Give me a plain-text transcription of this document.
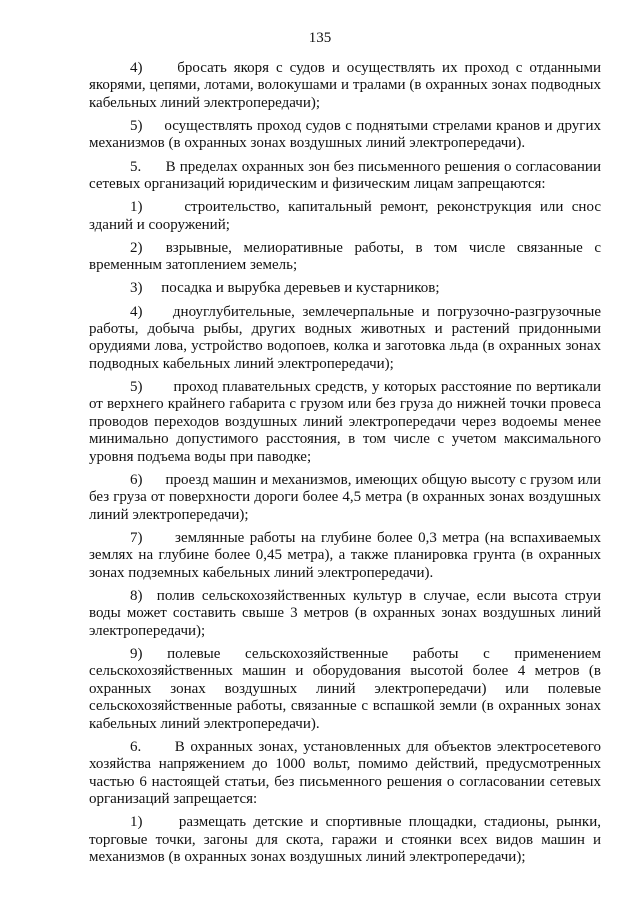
135

4)     бросать якоря с судов и осуществлять их проход с отданными якорями, цепями, лотами, волокушами и тралами (в охранных зонах подводных кабельных линий электропередачи);

5)     осуществлять проход судов с поднятыми стрелами кранов и других механизмов (в охранных зонах воздушных линий электропередачи).

5.      В пределах охранных зон без письменного решения о согласовании сетевых организаций юридическим и физическим лицам запрещаются:

1)     строительство, капитальный ремонт, реконструкция или снос зданий и сооружений;

2)  взрывные, мелиоративные работы, в том числе связанные с временным затоплением земель;

3)     посадка и вырубка деревьев и кустарников;

4)    дноуглубительные, землечерпальные и погрузочно-разгрузочные работы, добыча рыбы, других водных животных и растений придонными орудиями лова, устройство водопоев, колка и заготовка льда (в охранных зонах подводных кабельных линий электропередачи);

5)       проход плавательных средств, у которых расстояние по вертикали от верхнего крайнего габарита с грузом или без груза до нижней точки провеса проводов переходов воздушных линий электропередачи через водоемы менее минимально допустимого расстояния, в том числе с учетом максимального уровня подъема воды при паводке;

6)      проезд машин и механизмов, имеющих общую высоту с грузом или без груза от поверхности дороги более 4,5 метра (в охранных зонах воздушных линий электропередачи);

7)      землянные работы на глубине более 0,3 метра (на вспахиваемых землях на глубине более 0,45 метра), а также планировка грунта (в охранных зонах подземных кабельных линий электропередачи).

8)  полив сельскохозяйственных культур в случае, если высота струи воды может составить свыше 3 метров (в охранных зонах воздушных линий электропередачи);

9) полевые сельскохозяйственные работы с применением сельскохозяйственных машин и оборудования высотой более 4 метров (в охранных зонах воздушных линий электропередачи) или полевые сельскохозяйственные работы, связанные с вспашкой земли (в охранных зонах кабельных линий электропередачи).

6.      В охранных зонах, установленных для объектов электросетевого хозяйства напряжением до 1000 вольт, помимо действий, предусмотренных частью 6 настоящей статьи, без письменного решения о согласовании сетевых организаций запрещается:

1)     размещать детские и спортивные площадки, стадионы, рынки, торговые точки, загоны для скота, гаражи и стоянки всех видов машин и механизмов (в охранных зонах воздушных линий электропередачи);
